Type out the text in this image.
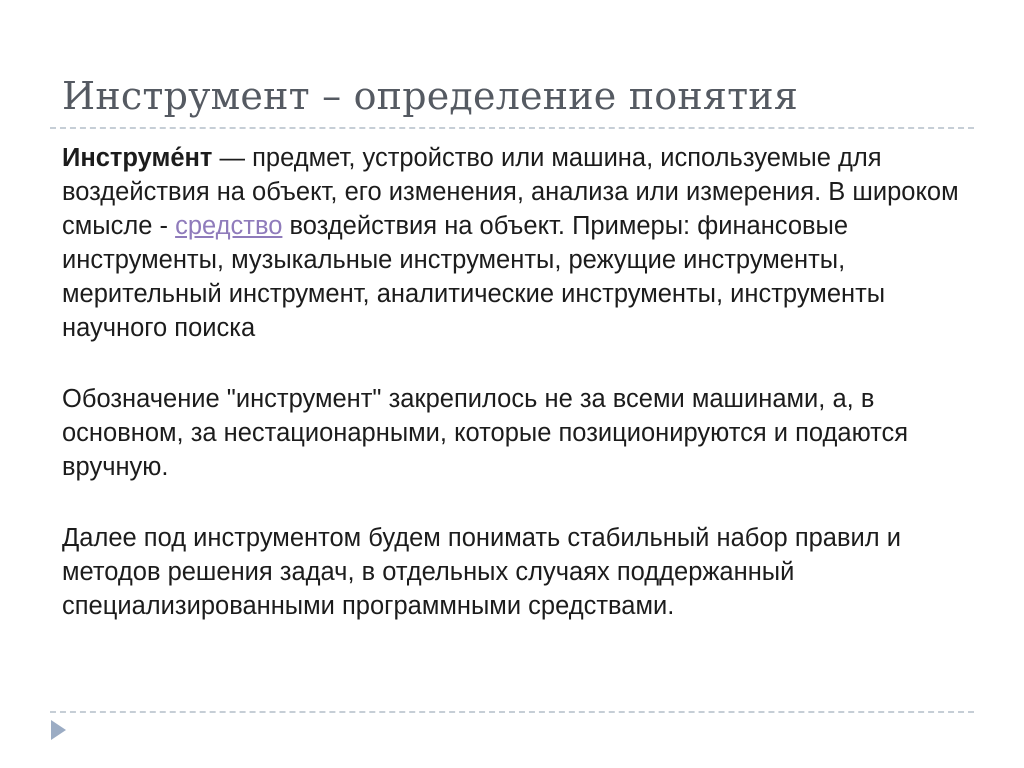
Инструмент – определение понятия

Инструме́нт — предмет, устройство или машина, используемые для воздействия на объект, его изменения, анализа или измерения. В широком смысле - средство воздействия на объект. Примеры: финансовые инструменты, музыкальные инструменты, режущие инструменты, мерительный инструмент, аналитические инструменты, инструменты научного поиска

Обозначение "инструмент" закрепилось не за всеми машинами, а, в основном, за нестационарными, которые позиционируются и подаются вручную.

Далее под инструментом будем понимать стабильный набор правил и методов решения задач, в отдельных случаях поддержанный специализированными программными средствами.
